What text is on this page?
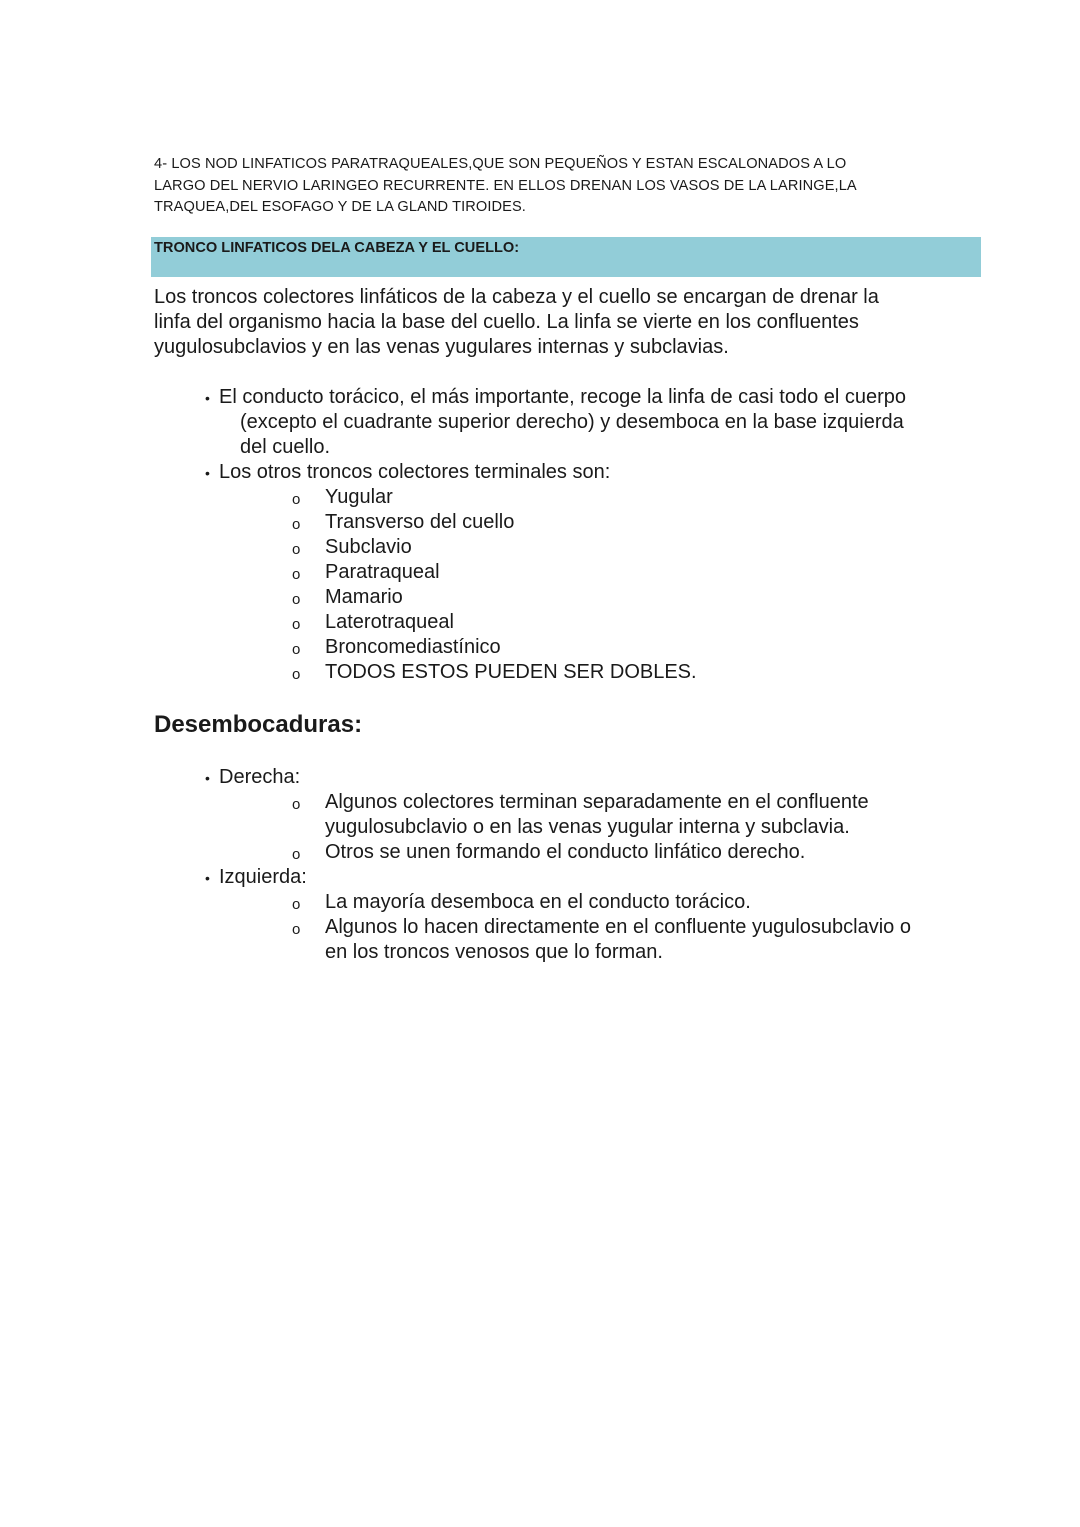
4- LOS NOD LINFATICOS PARATRAQUEALES,QUE SON PEQUEÑOS Y ESTAN ESCALONADOS A LO
LARGO DEL NERVIO LARINGEO RECURRENTE. EN ELLOS DRENAN LOS VASOS DE LA LARINGE,LA
TRAQUEA,DEL ESOFAGO Y DE LA GLAND TIROIDES.
TRONCO LINFATICOS DELA CABEZA Y EL CUELLO:
Los troncos colectores linfáticos de la cabeza y el cuello se encargan de drenar la
linfa del organismo hacia la base del cuello. La linfa se vierte en los confluentes
yugulosubclavios y en las venas yugulares internas y subclavias.
• El conducto torácico, el más importante, recoge la linfa de casi todo el cuerpo
(excepto el cuadrante superior derecho) y desemboca en la base izquierda
del cuello.
• Los otros troncos colectores terminales son:
o Yugular
o Transverso del cuello
o Subclavio
o Paratraqueal
o Mamario
o Laterotraqueal
o Broncomediastínico
o TODOS ESTOS PUEDEN SER DOBLES.
Desembocaduras:
• Derecha:
o Algunos colectores terminan separadamente en el confluente
yugulosubclavio o en las venas yugular interna y subclavia.
o Otros se unen formando el conducto linfático derecho.
• Izquierda:
o La mayoría desemboca en el conducto torácico.
o Algunos lo hacen directamente en el confluente yugulosubclavio o
en los troncos venosos que lo forman.
